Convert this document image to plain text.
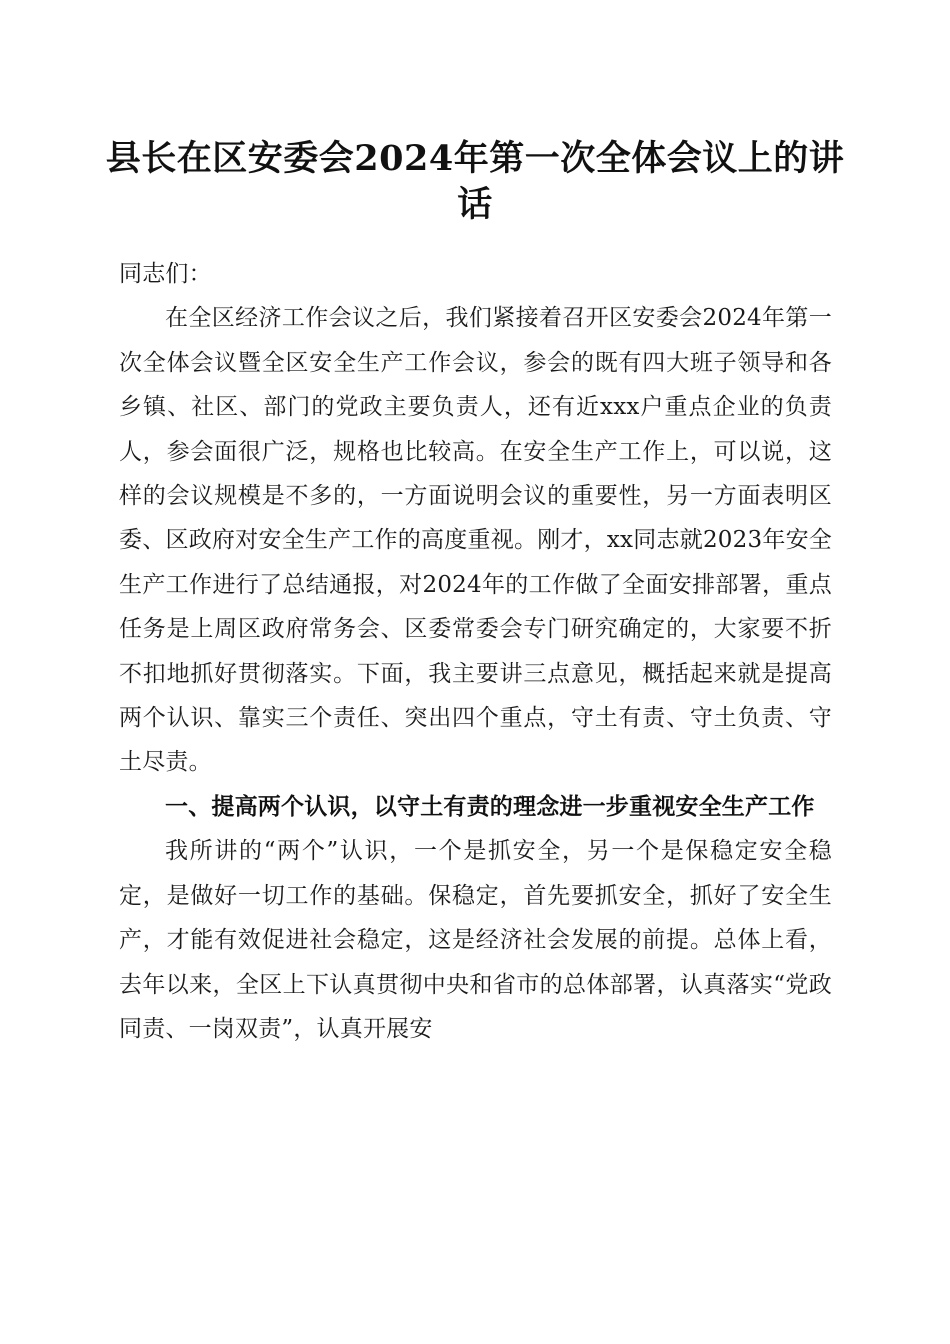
县长在区安委会2024年第一次全体会议上的讲话

同志们：

在全区经济工作会议之后，我们紧接着召开区安委会2024年第一次全体会议暨全区安全生产工作会议，参会的既有四大班子领导和各乡镇、社区、部门的党政主要负责人，还有近xxx户重点企业的负责人，参会面很广泛，规格也比较高。在安全生产工作上，可以说，这样的会议规模是不多的，一方面说明会议的重要性，另一方面表明区委、区政府对安全生产工作的高度重视。刚才，xx同志就2023年安全生产工作进行了总结通报，对2024年的工作做了全面安排部署，重点任务是上周区政府常务会、区委常委会专门研究确定的，大家要不折不扣地抓好贯彻落实。下面，我主要讲三点意见，概括起来就是提高两个认识、靠实三个责任、突出四个重点，守土有责、守土负责、守土尽责。

一、提高两个认识，以守土有责的理念进一步重视安全生产工作

我所讲的“两个”认识，一个是抓安全，另一个是保稳定安全稳定，是做好一切工作的基础。保稳定，首先要抓安全，抓好了安全生产，才能有效促进社会稳定，这是经济社会发展的前提。总体上看，去年以来，全区上下认真贯彻中央和省市的总体部署，认真落实“党政同责、一岗双责”，认真开展安
